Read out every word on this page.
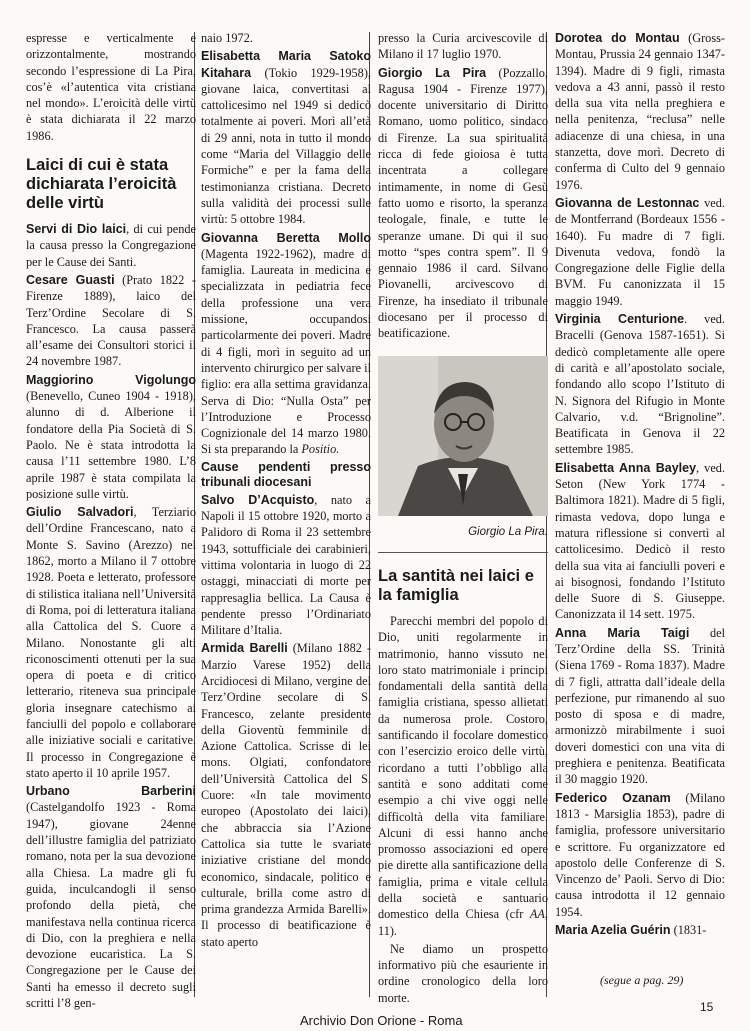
espresse e verticalmente e orizzontalmente, mostrando secondo l’espressione di La Pira, cos’è «l’autentica vita cristiana nel mondo». L’eroicità delle virtù è stata dichiarata il 22 marzo 1986.

Laici di cui è stata dichiarata l’eroicità delle virtù

Servi di Dio laici, di cui pende la causa presso la Congregazione per le Cause dei Santi.

Cesare Guasti (Prato 1822 - Firenze 1889), laico del Terz’Ordine Secolare di S. Francesco. La causa passerà all’esame dei Consultori storici il 24 novembre 1987.

Maggiorino Vigolungo (Benevello, Cuneo 1904 - 1918), alunno di d. Alberione il fondatore della Pia Società di S. Paolo. Ne è stata introdotta la causa l’11 settembre 1980. L’8 aprile 1987 è stata compilata la posizione sulle virtù.

Giulio Salvadori, Terziario dell’Ordine Francescano, nato a Monte S. Savino (Arezzo) nel 1862, morto a Milano il 7 ottobre 1928. Poeta e letterato, professore di stilistica italiana nell’Università di Roma, poi di letteratura italiana alla Cattolica del S. Cuore a Milano. Nonostante gli alti riconoscimenti ottenuti per la sua opera di poeta e di critico letterario, riteneva sua principale gloria insegnare catechismo ai fanciulli del popolo e collaborare alle iniziative sociali e caritative. Il processo in Congregazione è stato aperto il 10 aprile 1957.

Urbano Barberini (Castelgandolfo 1923 - Roma 1947), giovane 24enne dell’illustre famiglia del patriziato romano, nota per la sua devozione alla Chiesa. La madre gli fu guida, inculcandogli il senso profondo della pietà, che manifestava nella continua ricerca di Dio, con la preghiera e nella devozione eucaristica. La S. Congregazione per le Cause dei Santi ha emesso il decreto sugli scritti l’8 gen-

naio 1972.

Elisabetta Maria Satoko Kitahara (Tokio 1929-1958), giovane laica, convertitasi al cattolicesimo nel 1949 si dedicò totalmente ai poveri. Morì all’età di 29 anni, nota in tutto il mondo come “Maria del Villaggio delle Formiche” e per la fama della testimonianza cristiana. Decreto sulla validità dei processi sulle virtù: 5 ottobre 1984.

Giovanna Beretta Mollo (Magenta 1922-1962), madre di famiglia. Laureata in medicina e specializzata in pediatria fece della professione una vera missione, occupandosi particolarmente dei poveri. Madre di 4 figli, morì in seguito ad un intervento chirurgico per salvare il figlio: era alla settima gravidanza. Serva di Dio: “Nulla Osta” per l’Introduzione e Processo Cognizionale del 14 marzo 1980. Si sta preparando la Positio.

Cause pendenti presso tribunali diocesani

Salvo D’Acquisto, nato a Napoli il 15 ottobre 1920, morto a Palidoro di Roma il 23 settembre 1943, sottufficiale dei carabinieri, vittima volontaria in luogo di 22 ostaggi, minacciati di morte per rappresaglia bellica. La Causa è pendente presso l’Ordinariato Militare d’Italia.

Armida Barelli (Milano 1882 - Marzio Varese 1952) della Arcidiocesi di Milano, vergine del Terz’Ordine secolare di S. Francesco, zelante presidente della Gioventù femminile di Azione Cattolica. Scrisse di lei mons. Olgiati, confondatore dell’Università Cattolica del S. Cuore: «In tale movimento europeo (Apostolato dei laici), che abbraccia sia l’Azione Cattolica sia tutte le svariate iniziative cristiane del mondo economico, sindacale, politico e culturale, brilla come astro di prima grandezza Armida Barelli». Il processo di beatificazione è stato aperto

presso la Curia arcivescovile di Milano il 17 luglio 1970.

Giorgio La Pira (Pozzallo, Ragusa 1904 - Firenze 1977), docente universitario di Diritto Romano, uomo politico, sindaco di Firenze. La sua spiritualità ricca di fede gioiosa è tutta incentrata a collegare intimamente, in nome di Gesù fatto uomo e risorto, la speranza teologale, finale, e tutte le speranze umane. Di qui il suo motto “spes contra spem”. Il 9 gennaio 1986 il card. Silvano Piovanelli, arcivescovo di Firenze, ha insediato il tribunale diocesano per il processo di beatificazione.

Giorgio La Pira.
La santità nei laici e la famiglia

Parecchi membri del popolo di Dio, uniti regolarmente in matrimonio, hanno vissuto nel loro stato matrimoniale i principi fondamentali della santità della famiglia cristiana, spesso allietati da numerosa prole. Costoro, santificando il focolare domestico con l’esercizio eroico delle virtù, ricordano a tutti l’obbligo alla santità e sono additati come esempio a chi vive oggi nelle difficoltà della vita familiare. Alcuni di essi hanno anche promosso associazioni ed opere pie dirette alla santificazione della famiglia, prima e vitale cellula della società e santuario domestico della Chiesa (cfr AA, 11).

Ne diamo un prospetto informativo più che esauriente in ordine cronologico della loro morte.

Dorotea do Montau (Gross-Montau, Prussia 24 gennaio 1347-1394). Madre di 9 figli, rimasta vedova a 43 anni, passò il resto della sua vita nella preghiera e nella penitenza, “reclusa” nelle adiacenze di una chiesa, in una stanzetta, dove morì. Decreto di conferma di Culto del 9 gennaio 1976.

Giovanna de Lestonnac ved. de Montferrand (Bordeaux 1556 - 1640). Fu madre di 7 figli. Divenuta vedova, fondò la Congregazione delle Figlie della BVM. Fu canonizzata il 15 maggio 1949.

Virginia Centurione. ved. Bracelli (Genova 1587-1651). Si dedicò completamente alle opere di carità e all’apostolato sociale, fondando allo scopo l’Istituto di N. Signora del Rifugio in Monte Calvario, v.d. “Brignoline”. Beatificata in Genova il 22 settembre 1985.

Elisabetta Anna Bayley, ved. Seton (New York 1774 - Baltimora 1821). Madre di 5 figli, rimasta vedova, dopo lunga e matura riflessione si convertì al cattolicesimo. Dedicò il resto della sua vita ai fanciulli poveri e ai bisognosi, fondando l’Istituto delle Suore di S. Giuseppe. Canonizzata il 14 sett. 1975.

Anna Maria Taigi del Terz’Ordine della SS. Trinità (Siena 1769 - Roma 1837). Madre di 7 figli, attratta dall’ideale della perfezione, pur rimanendo al suo posto di sposa e di madre, armonizzò mirabilmente i suoi doveri domestici con una vita di preghiera e penitenza. Beatificata il 30 maggio 1920.

Federico Ozanam (Milano 1813 - Marsiglia 1853), padre di famiglia, professore universitario e scrittore. Fu organizzatore ed apostolo delle Conferenze di S. Vincenzo de’ Paoli. Servo di Dio: causa introdotta il 12 gennaio 1954.

Maria Azelia Guérin (1831-

(segue a pag. 29)
15
Archivio Don Orione - Roma
